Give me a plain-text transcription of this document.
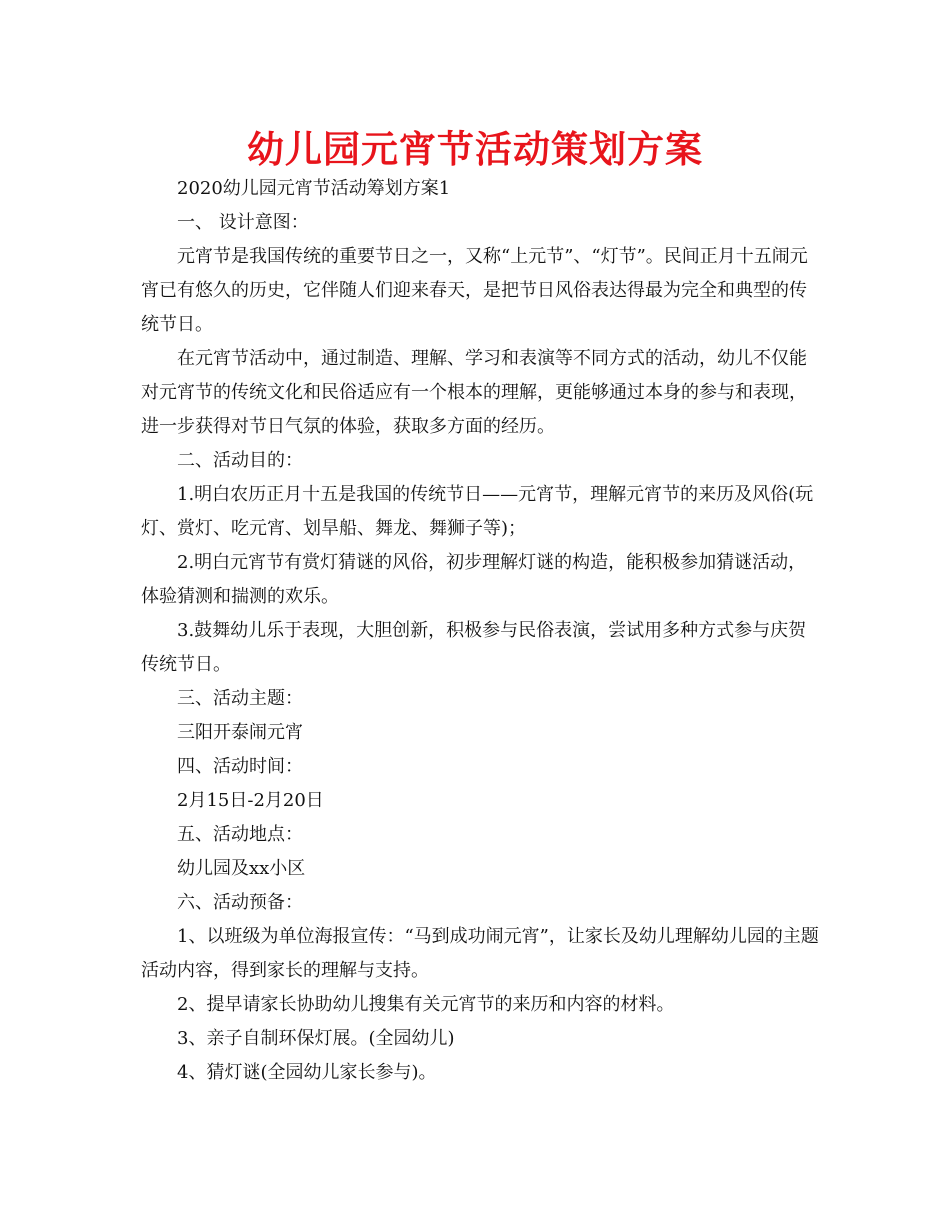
幼儿园元宵节活动策划方案

2020幼儿园元宵节活动筹划方案1

一、 设计意图：

元宵节是我国传统的重要节日之一，又称“上元节”、“灯节”。民间正月十五闹元宵已有悠久的历史，它伴随人们迎来春天，是把节日风俗表达得最为完全和典型的传统节日。

在元宵节活动中，通过制造、理解、学习和表演等不同方式的活动，幼儿不仅能对元宵节的传统文化和民俗适应有一个根本的理解，更能够通过本身的参与和表现，进一步获得对节日气氛的体验，获取多方面的经历。

二、活动目的：

1.明白农历正月十五是我国的传统节日——元宵节，理解元宵节的来历及风俗(玩灯、赏灯、吃元宵、划旱船、舞龙、舞狮子等)；

2.明白元宵节有赏灯猜谜的风俗，初步理解灯谜的构造，能积极参加猜谜活动，体验猜测和揣测的欢乐。

3.鼓舞幼儿乐于表现，大胆创新，积极参与民俗表演，尝试用多种方式参与庆贺传统节日。

三、活动主题：

三阳开泰闹元宵

四、活动时间：

2月15日-2月20日

五、活动地点：

幼儿园及xx小区

六、活动预备：

1、以班级为单位海报宣传：“马到成功闹元宵”，让家长及幼儿理解幼儿园的主题活动内容，得到家长的理解与支持。

2、提早请家长协助幼儿搜集有关元宵节的来历和内容的材料。

3、亲子自制环保灯展。(全园幼儿)

4、猜灯谜(全园幼儿家长参与)。
